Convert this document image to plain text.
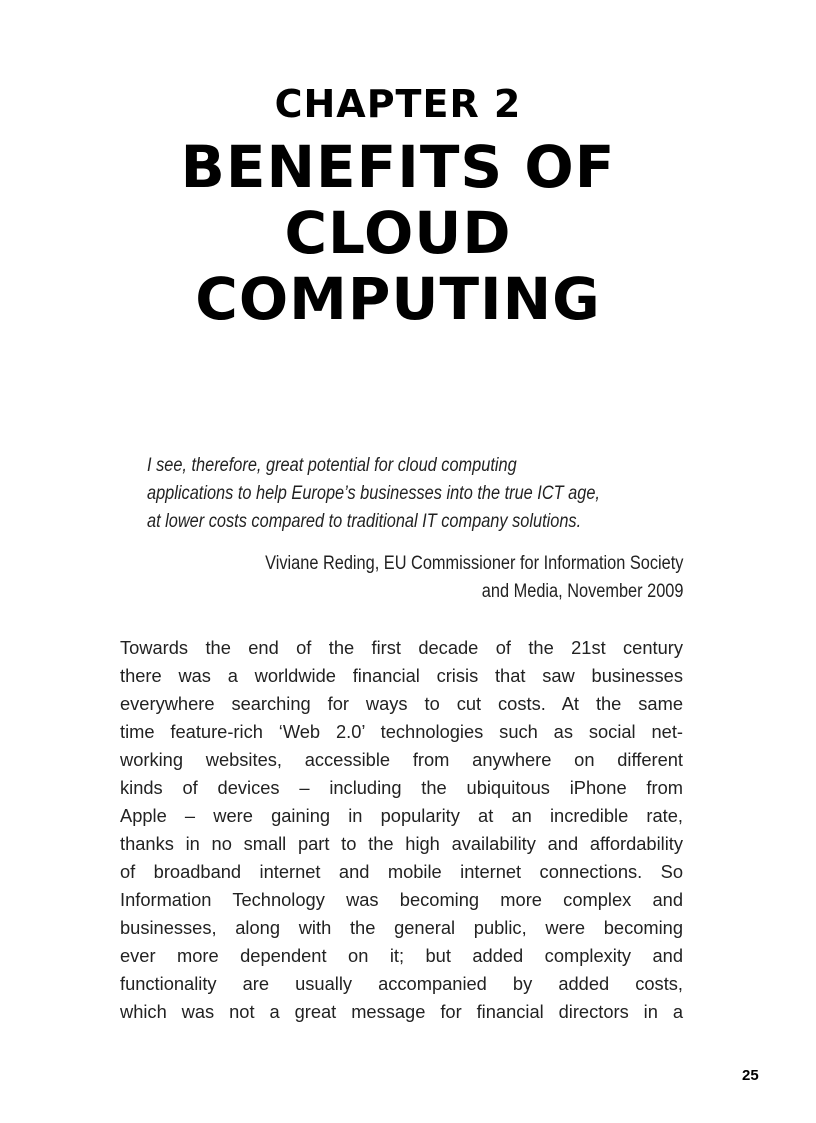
CHAPTER 2
BENEFITS OF
CLOUD
COMPUTING
I see, therefore, great potential for cloud computing
applications to help Europe’s businesses into the true ICT age,
at lower costs compared to traditional IT company solutions.
Viviane Reding, EU Commissioner for Information Society
and Media, November 2009
Towards the end of the first decade of the 21st century
there was a worldwide financial crisis that saw businesses
everywhere searching for ways to cut costs. At the same
time feature-rich ‘Web 2.0’ technologies such as social net-
working websites, accessible from anywhere on different
kinds of devices – including the ubiquitous iPhone from
Apple – were gaining in popularity at an incredible rate,
thanks in no small part to the high availability and affordability
of broadband internet and mobile internet connections. So
Information Technology was becoming more complex and
businesses, along with the general public, were becoming
ever more dependent on it; but added complexity and
functionality are usually accompanied by added costs,
which was not a great message for financial directors in a
25
